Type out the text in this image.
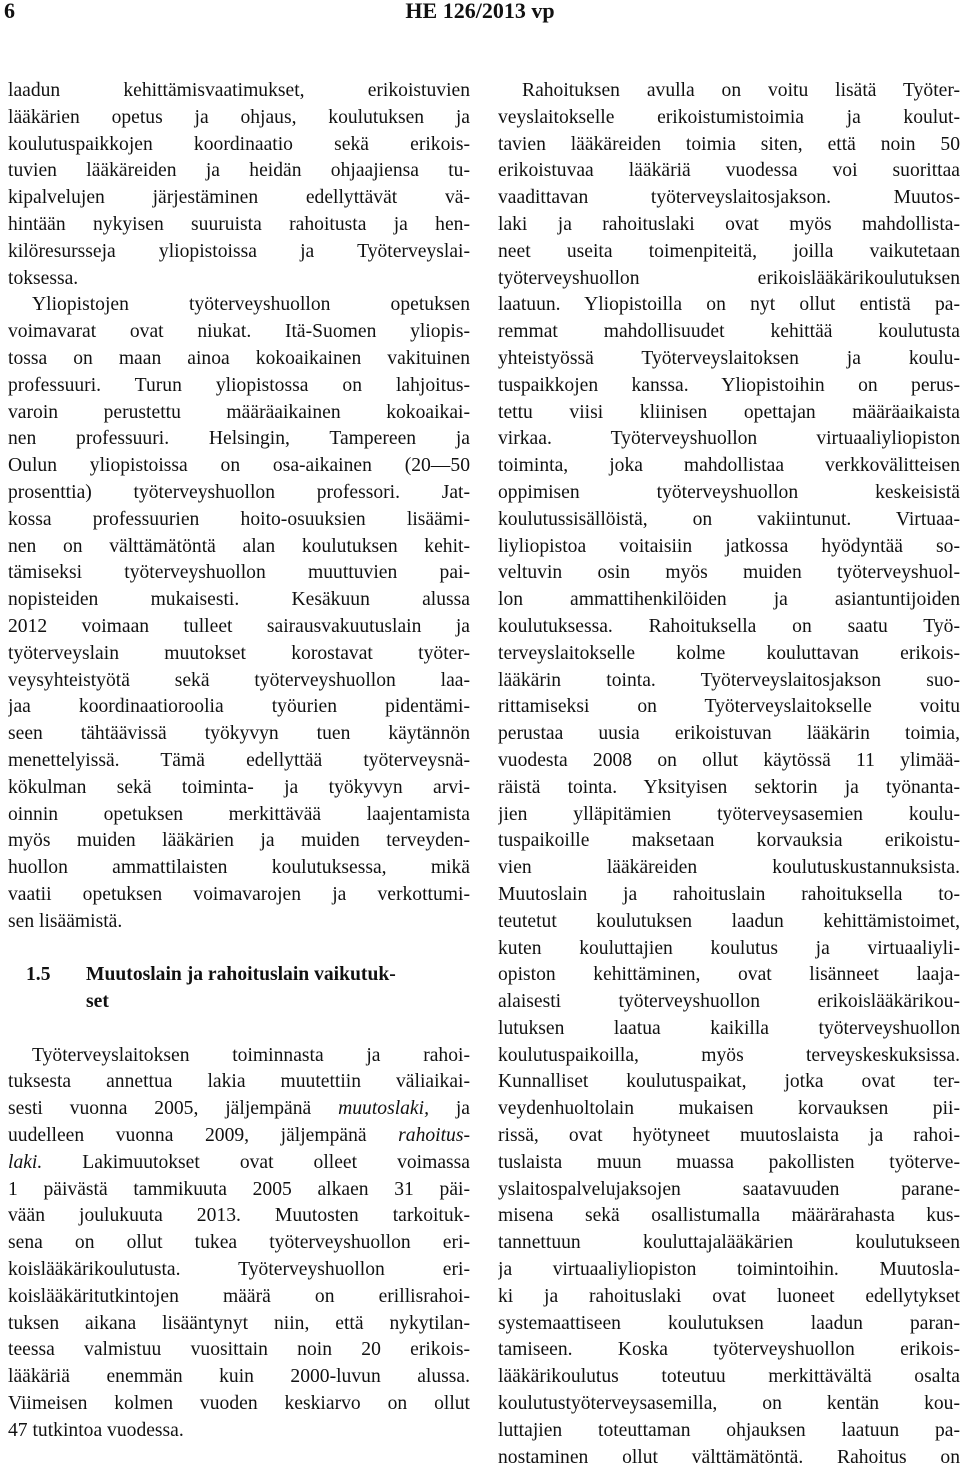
6	HE 126/2013 vp
laadun kehittämisvaatimukset, erikoistuvien
lääkärien opetus ja ohjaus, koulutuksen ja
koulutuspaikkojen koordinaatio sekä erikois-
tuvien lääkäreiden ja heidän ohjaajiensa tu-
kipalvelujen järjestäminen edellyttävät vä-
hintään nykyisen suuruista rahoitusta ja hen-
kilöresursseja yliopistoissa ja Työterveyslai-
toksessa.
Yliopistojen työterveyshuollon opetuksen
voimavarat ovat niukat. Itä-Suomen yliopis-
tossa on maan ainoa kokoaikainen vakituinen
professuuri. Turun yliopistossa on lahjoitus-
varoin perustettu määräaikainen kokoaikai-
nen professuuri. Helsingin, Tampereen ja
Oulun yliopistoissa on osa-aikainen (20—50
prosenttia) työterveyshuollon professori. Jat-
kossa professuurien hoito-osuuksien lisäämi-
nen on välttämätöntä alan koulutuksen kehit-
tämiseksi työterveyshuollon muuttuvien pai-
nopisteiden mukaisesti. Kesäkuun alussa
2012 voimaan tulleet sairausvakuutuslain ja
työterveyslain muutokset korostavat työter-
veysyhteistyötä sekä työterveyshuollon laa-
jaa koordinaatioroolia työurien pidentämi-
seen tähtäävissä työkyvyn tuen käytännön
menettelyissä. Tämä edellyttää työterveysnä-
kökulman sekä toiminta- ja työkyvyn arvi-
oinnin opetuksen merkittävää laajentamista
myös muiden lääkärien ja muiden terveyden-
huollon ammattilaisten koulutuksessa, mikä
vaatii opetuksen voimavarojen ja verkottumi-
sen lisäämistä.
1.5 Muutoslain ja rahoituslain vaikutuk-
set
Työterveyslaitoksen toiminnasta ja rahoi-
tuksesta annettua lakia muutettiin väliaikai-
sesti vuonna 2005, jäljempänä muutoslaki, ja
uudelleen vuonna 2009, jäljempänä rahoitus-
laki. Lakimuutokset ovat olleet voimassa
1 päivästä tammikuuta 2005 alkaen 31 päi-
vään joulukuuta 2013. Muutosten tarkoituk-
sena on ollut tukea työterveyshuollon eri-
koislääkärikoulutusta. Työterveyshuollon eri-
koislääkäritutkintojen määrä on erillisrahoi-
tuksen aikana lisääntynyt niin, että nykytilan-
teessa valmistuu vuosittain noin 20 erikois-
lääkäriä enemmän kuin 2000-luvun alussa.
Viimeisen kolmen vuoden keskiarvo on ollut
47 tutkintoa vuodessa.
Rahoituksen avulla on voitu lisätä Työter-
veyslaitokselle erikoistumistoimia ja koulut-
tavien lääkäreiden toimia siten, että noin 50
erikoistuvaa lääkäriä vuodessa voi suorittaa
vaadittavan työterveyslaitosjakson. Muutos-
laki ja rahoituslaki ovat myös mahdollista-
neet useita toimenpiteitä, joilla vaikutetaan
työterveyshuollon erikoislääkärikoulutuksen
laatuun. Yliopistoilla on nyt ollut entistä pa-
remmat mahdollisuudet kehittää koulutusta
yhteistyössä Työterveyslaitoksen ja koulu-
tuspaikkojen kanssa. Yliopistoihin on perus-
tettu viisi kliinisen opettajan määräaikaista
virkaa. Työterveyshuollon virtuaaliyliopiston
toiminta, joka mahdollistaa verkkovälitteisen
oppimisen työterveyshuollon keskeisistä
koulutussisällöistä, on vakiintunut. Virtuaa-
liyliopistoa voitaisiin jatkossa hyödyntää so-
veltuvin osin myös muiden työterveyshuol-
lon ammattihenkilöiden ja asiantuntijoiden
koulutuksessa. Rahoituksella on saatu Työ-
terveyslaitokselle kolme kouluttavan erikois-
lääkärin tointa. Työterveyslaitosjakson suo-
rittamiseksi on Työterveyslaitokselle voitu
perustaa uusia erikoistuvan lääkärin toimia,
vuodesta 2008 on ollut käytössä 11 ylimää-
räistä tointa. Yksityisen sektorin ja työnanta-
jien ylläpitämien työterveysasemien koulu-
tuspaikoille maksetaan korvauksia erikoistu-
vien lääkäreiden koulutuskustannuksista.
Muutoslain ja rahoituslain rahoituksella to-
teutetut koulutuksen laadun kehittämistoimet,
kuten kouluttajien koulutus ja virtuaaliyli-
opiston kehittäminen, ovat lisänneet laaja-
alaisesti työterveyshuollon erikoislääkärikou-
lutuksen laatua kaikilla työterveyshuollon
koulutuspaikoilla, myös terveyskeskuksissa.
Kunnalliset koulutuspaikat, jotka ovat ter-
veydenhuoltolain mukaisen korvauksen pii-
rissä, ovat hyötyneet muutoslaista ja rahoi-
tuslaista muun muassa pakollisten työterve-
yslaitospalvelujaksojen saatavuuden parane-
misena sekä osallistumalla määrärahasta kus-
tannettuun kouluttajalääkärien koulutukseen
ja virtuaaliyliopiston toimintoihin. Muutosla-
ki ja rahoituslaki ovat luoneet edellytykset
systemaattiseen koulutuksen laadun paran-
tamiseen. Koska työterveyshuollon erikois-
lääkärikoulutus toteutuu merkittävältä osalta
koulutustyöterveysasemilla, on kentän kou-
luttajien toteuttaman ohjauksen laatuun pa-
nostaminen ollut välttämätöntä. Rahoitus on
